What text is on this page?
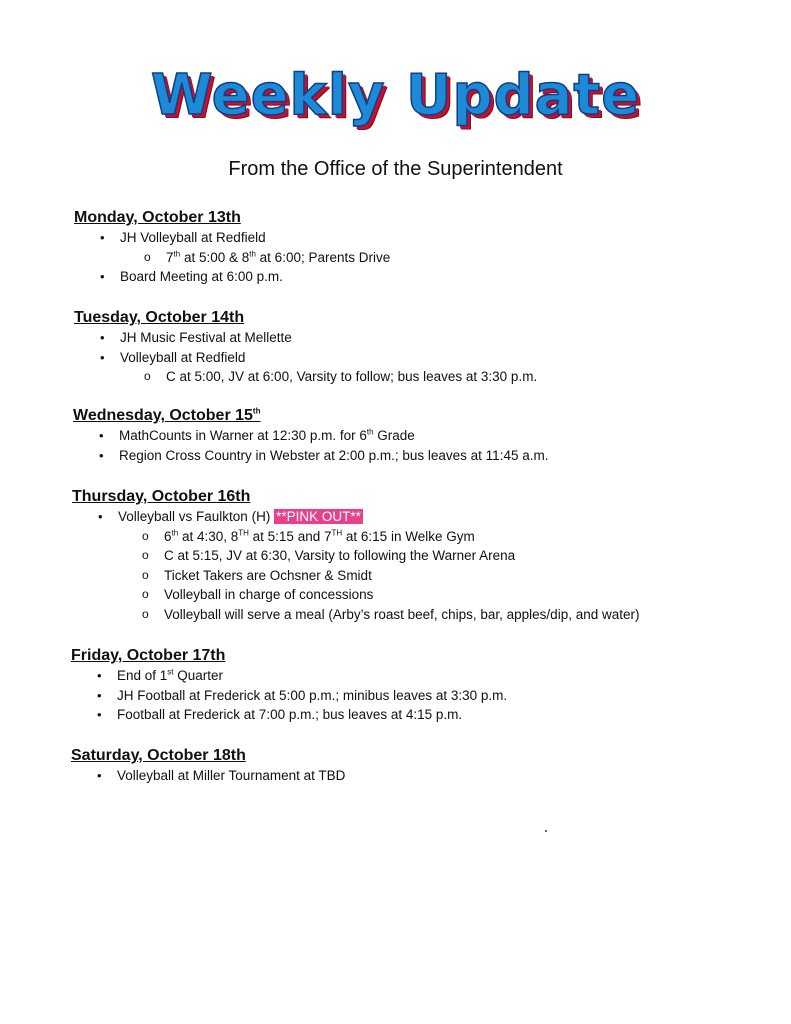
Weekly Update
From the Office of the Superintendent
Monday, October 13th
• JH Volleyball at Redfield
o 7th at 5:00 & 8th at 6:00; Parents Drive
• Board Meeting at 6:00 p.m.
Tuesday, October 14th
• JH Music Festival at Mellette
• Volleyball at Redfield
o C at 5:00, JV at 6:00, Varsity to follow; bus leaves at 3:30 p.m.
Wednesday, October 15th
• MathCounts in Warner at 12:30 p.m. for 6th Grade
• Region Cross Country in Webster at 2:00 p.m.; bus leaves at 11:45 a.m.
Thursday, October 16th
• Volleyball vs Faulkton (H) **PINK OUT**
o 6th at 4:30, 8TH at 5:15 and 7TH at 6:15 in Welke Gym
o C at 5:15, JV at 6:30, Varsity to following the Warner Arena
o Ticket Takers are Ochsner & Smidt
o Volleyball in charge of concessions
o Volleyball will serve a meal (Arby’s roast beef, chips, bar, apples/dip, and water)
Friday, October 17th
• End of 1st Quarter
• JH Football at Frederick at 5:00 p.m.; minibus leaves at 3:30 p.m.
• Football at Frederick at 7:00 p.m.; bus leaves at 4:15 p.m.
Saturday, October 18th
• Volleyball at Miller Tournament at TBD
